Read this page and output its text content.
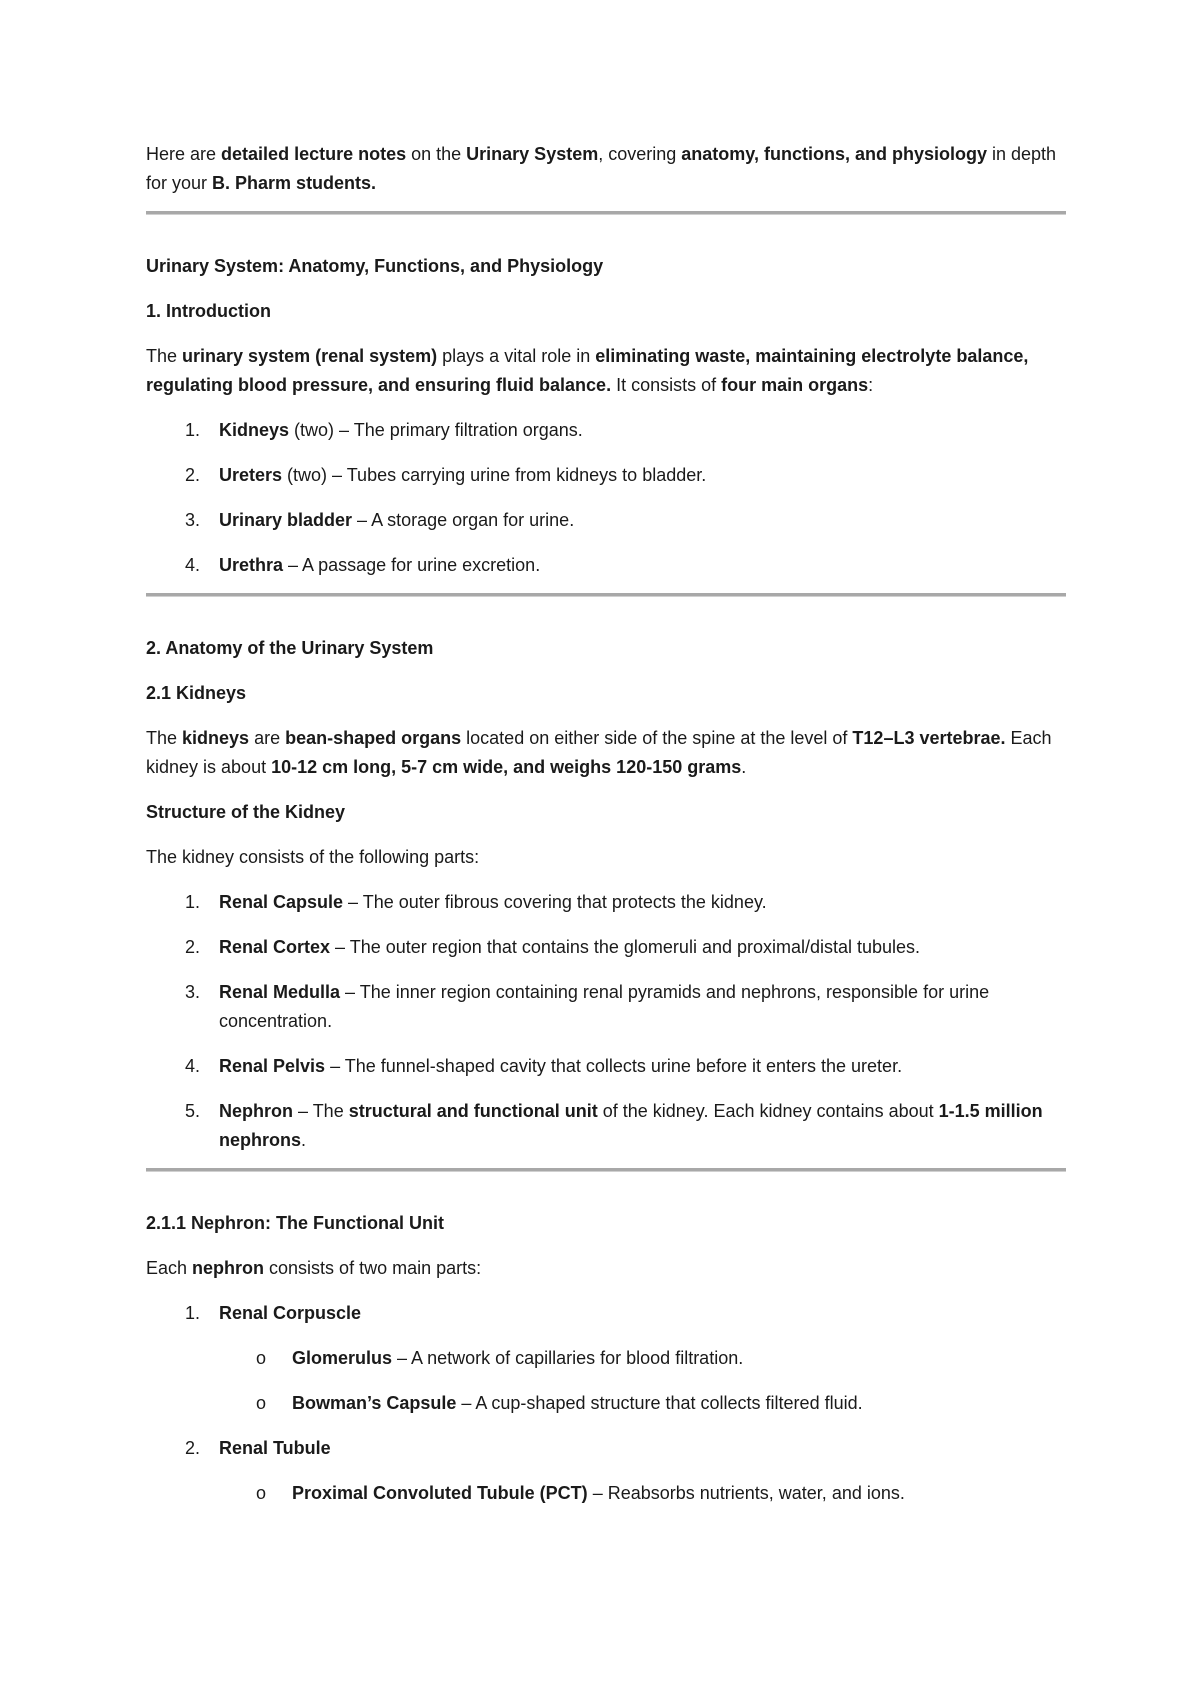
Here are detailed lecture notes on the Urinary System, covering anatomy, functions, and physiology in depth for your B. Pharm students.

Urinary System: Anatomy, Functions, and Physiology

1. Introduction

The urinary system (renal system) plays a vital role in eliminating waste, maintaining electrolyte balance, regulating blood pressure, and ensuring fluid balance. It consists of four main organs:

1. Kidneys (two) – The primary filtration organs.
2. Ureters (two) – Tubes carrying urine from kidneys to bladder.
3. Urinary bladder – A storage organ for urine.
4. Urethra – A passage for urine excretion.

2. Anatomy of the Urinary System

2.1 Kidneys

The kidneys are bean-shaped organs located on either side of the spine at the level of T12–L3 vertebrae. Each kidney is about 10-12 cm long, 5-7 cm wide, and weighs 120-150 grams.

Structure of the Kidney

The kidney consists of the following parts:

1. Renal Capsule – The outer fibrous covering that protects the kidney.
2. Renal Cortex – The outer region that contains the glomeruli and proximal/distal tubules.
3. Renal Medulla – The inner region containing renal pyramids and nephrons, responsible for urine concentration.
4. Renal Pelvis – The funnel-shaped cavity that collects urine before it enters the ureter.
5. Nephron – The structural and functional unit of the kidney. Each kidney contains about 1-1.5 million nephrons.

2.1.1 Nephron: The Functional Unit

Each nephron consists of two main parts:

1. Renal Corpuscle
o Glomerulus – A network of capillaries for blood filtration.
o Bowman’s Capsule – A cup-shaped structure that collects filtered fluid.
2. Renal Tubule
o Proximal Convoluted Tubule (PCT) – Reabsorbs nutrients, water, and ions.
